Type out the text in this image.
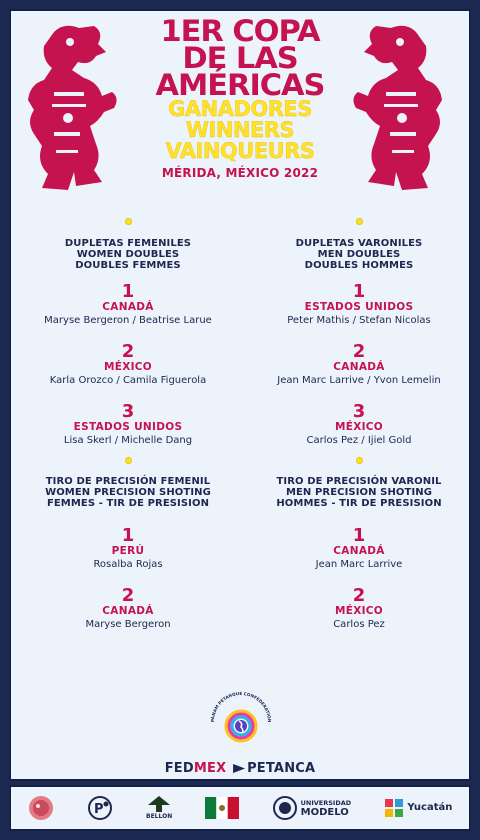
1ER COPA
DE LAS
AMÉRICAS
GANADORES
WINNERS
VAINQUEURS
MÉRIDA, MÉXICO 2022
DUPLETAS FEMENILES
WOMEN DOUBLES
DOUBLES FEMMES
1
CANADÁ
Maryse Bergeron / Beatrise Larue
2
MÉXICO
Karla Orozco / Camila Figuerola
3
ESTADOS UNIDOS
Lisa Skerl / Michelle Dang
DUPLETAS VARONILES
MEN DOUBLES
DOUBLES HOMMES
1
ESTADOS UNIDOS
Peter Mathis / Stefan Nicolas
2
CANADÁ
Jean Marc Larrive / Yvon Lemelin
3
MÉXICO
Carlos Pez / Ijiel Gold
TIRO DE PRECISIÓN FEMENIL
WOMEN PRECISION SHOTING
FEMMES - TIR DE PRESISION
1
PERÚ
Rosalba Rojas
2
CANADÁ
Maryse Bergeron
TIRO DE PRECISIÓN VARONIL
MEN PRECISION SHOTING
HOMMES - TIR DE PRESISION
1
CANADÁ
Jean Marc Larrive
2
MÉXICO
Carlos Pez
PANAM PETANQUE CONFEDERATION
FEDMEX PETANCA
P	BELLON
UNIVERSIDAD
MODELO	Yucatán
